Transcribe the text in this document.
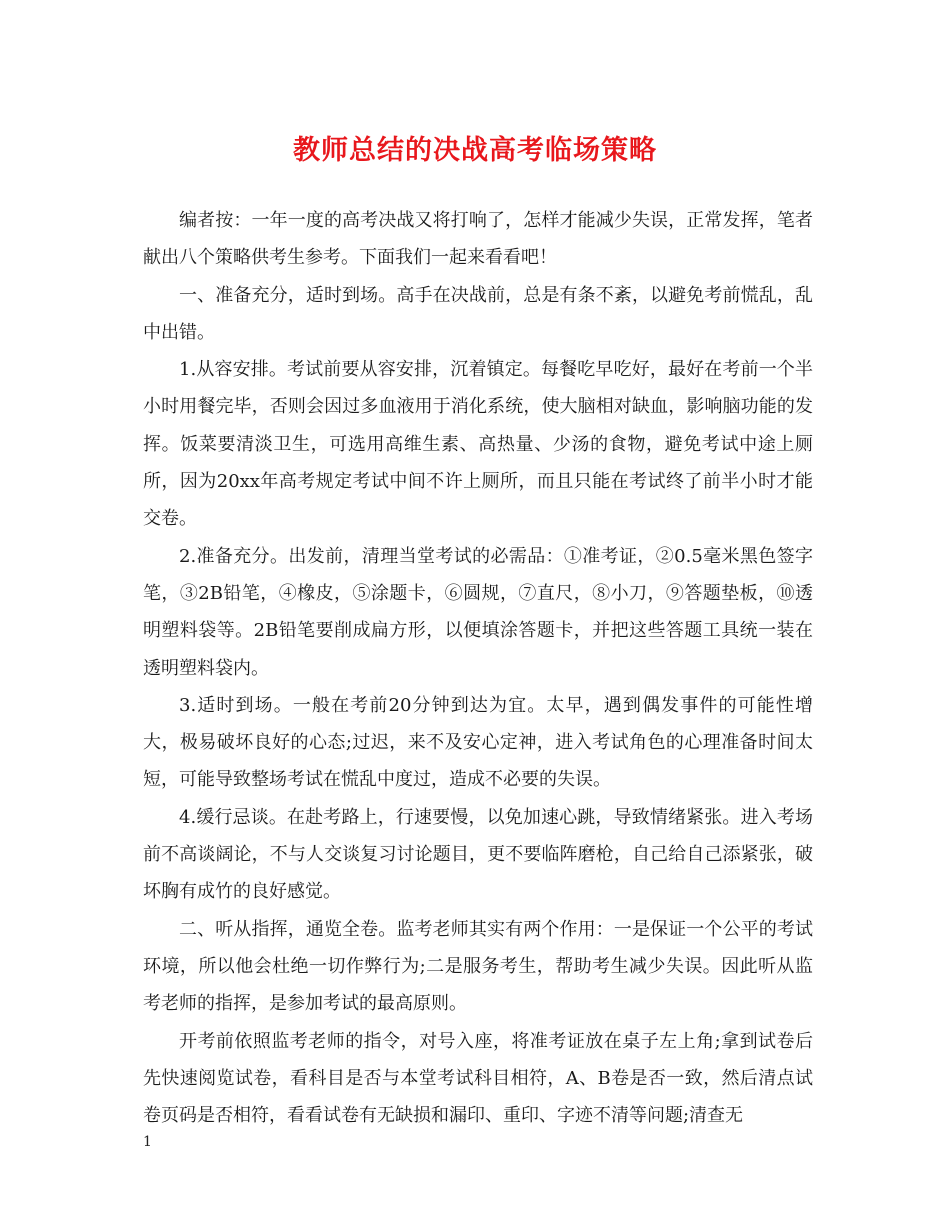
教师总结的决战高考临场策略

编者按：一年一度的高考决战又将打响了，怎样才能减少失误，正常发挥，笔者献出八个策略供考生参考。下面我们一起来看看吧！

一、准备充分，适时到场。高手在决战前，总是有条不紊，以避免考前慌乱，乱中出错。

1.从容安排。考试前要从容安排，沉着镇定。每餐吃早吃好，最好在考前一个半小时用餐完毕，否则会因过多血液用于消化系统，使大脑相对缺血，影响脑功能的发挥。饭菜要清淡卫生，可选用高维生素、高热量、少汤的食物，避免考试中途上厕所，因为20xx年高考规定考试中间不许上厕所，而且只能在考试终了前半小时才能交卷。

2.准备充分。出发前，清理当堂考试的必需品：①准考证，②0.5毫米黑色签字笔，③2B铅笔，④橡皮，⑤涂题卡，⑥圆规，⑦直尺，⑧小刀，⑨答题垫板，⑩透明塑料袋等。2B铅笔要削成扁方形，以便填涂答题卡，并把这些答题工具统一装在透明塑料袋内。

3.适时到场。一般在考前20分钟到达为宜。太早，遇到偶发事件的可能性增大，极易破坏良好的心态;过迟，来不及安心定神，进入考试角色的心理准备时间太短，可能导致整场考试在慌乱中度过，造成不必要的失误。

4.缓行忌谈。在赴考路上，行速要慢，以免加速心跳，导致情绪紧张。进入考场前不高谈阔论，不与人交谈复习讨论题目，更不要临阵磨枪，自己给自己添紧张，破坏胸有成竹的良好感觉。

二、听从指挥，通览全卷。监考老师其实有两个作用：一是保证一个公平的考试环境，所以他会杜绝一切作弊行为;二是服务考生，帮助考生减少失误。因此听从监考老师的指挥，是参加考试的最高原则。

开考前依照监考老师的指令，对号入座，将准考证放在桌子左上角;拿到试卷后先快速阅览试卷，看科目是否与本堂考试科目相符，A、B卷是否一致，然后清点试卷页码是否相符，看看试卷有无缺损和漏印、重印、字迹不清等问题;清查无

1
